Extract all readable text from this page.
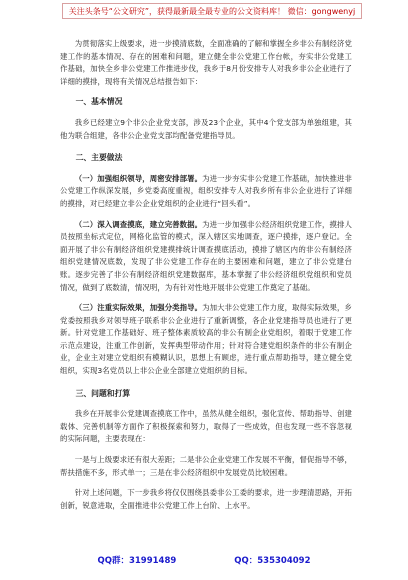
关注头条号“公文研究”，获得最新最全最专业的公文资料库！ 微信：gongwenyj

为贯彻落实上级要求，进一步摸清底数，全面准确的了解和掌握全乡非公有制经济党建工作的基本情况、存在的困难和问题，建立健全非公党建工作台帐，夯实非公党建工作基础，加快全乡非公党建工作推进步伐，我乡于8月份安排专人对我乡非公企业进行了详细的摸排，现将有关情况总结报告如下：

一、基本情况

我乡已经建立9个非公企业党支部，涉及23个企业，其中4个党支部为单独组建，其他为联合组建，各非公企业党支部均配备党建指导员。

二、主要做法

（一）加强组织领导，周密安排部署。为进一步夯实非公党建工作基础，加快推进非公党建工作纵深发展，乡党委高度重视，组织安排专人对我乡所有非公企业进行了详细的摸排，对已经建立非公企业党组织的企业进行“回头看”。

（二）深入调查摸底，建立完善数据。为进一步加强非公经济组织党建工作，摸排人员按照坐标式定位，网格化监管的模式，深入辖区实地调查，逐户摸排，逐户登记。全面开展了非公有制经济组织党建摸排统计调查摸底活动，摸排了辖区内的非公有制经济组织党建情况底数，发现了非公党建工作存在的主要困难和问题，建立了非公党建台账。逐步完善了非公有制经济组织党建数据库，基本掌握了非公经济组织党组织和党员情况，做到了底数清，情况明，为有针对性地开展非公党建工作奠定了基础。

（三）注重实际效果，加强分类指导。为加大非公党建工作力度，取得实际效果，乡党委按照我乡对领导班子联系非公企业进行了重新调整，各企业党建指导员也进行了更新。针对党建工作基础好、班子整体素质较高的非公有制企业党组织，着眼于党建工作示范点建设，注重工作创新，发挥典型带动作用；针对符合建党组织条件的非公有制企业，企业主对建立党组织有模糊认识，思想上有顾虑，进行重点帮助指导，建立健全党组织，实现3名党员以上非公企业全部建立党组织的目标。

三、问题和打算

我乡在开展非公党建调查摸底工作中，虽然从健全组织，强化宣传、帮助指导、创建载体、完善机制等方面作了积极探索和努力，取得了一些成效，但也发现一些不容忽视的实际问题，主要表现在：

一是与上级要求还有很大差距；二是非公企业党建工作发展不平衡，督促指导不够，帮扶措施不多，形式单一；三是在非公经济组织中发展党员比较困难。

针对上述问题，下一步我乡将仅仅围绕县委非公工委的要求，进一步理清思路，开拓创新，锐意进取，全面推进非公党建工作上台阶、上水平。

QQ群：31991489	QQ：535304092
